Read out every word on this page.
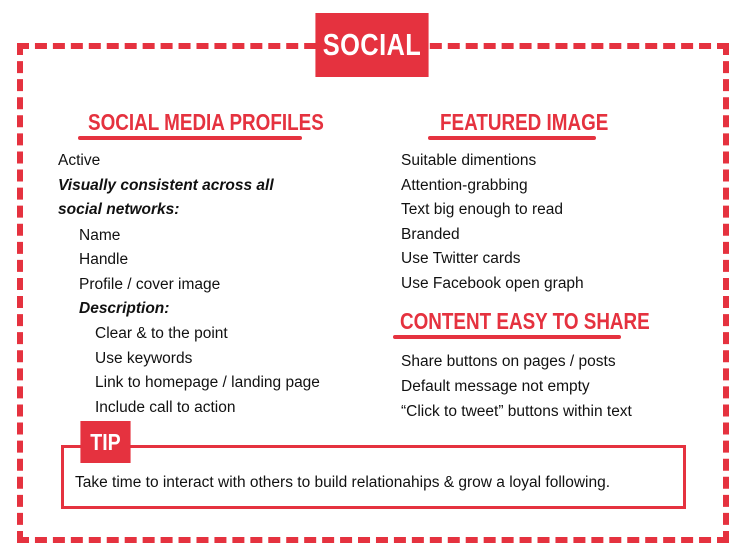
SOCIAL
SOCIAL MEDIA PROFILES
Active
Visually consistent across all
social networks:
Name
Handle
Profile / cover image
Description:
Clear & to the point
Use keywords
Link to homepage / landing page
Include call to action
FEATURED IMAGE
Suitable dimentions
Attention-grabbing
Text big enough to read
Branded
Use Twitter cards
Use Facebook open graph
CONTENT EASY TO SHARE
Share buttons on pages / posts
Default message not empty
“Click to tweet” buttons within text
TIP
Take time to interact with others to build relationahips & grow a loyal following.
